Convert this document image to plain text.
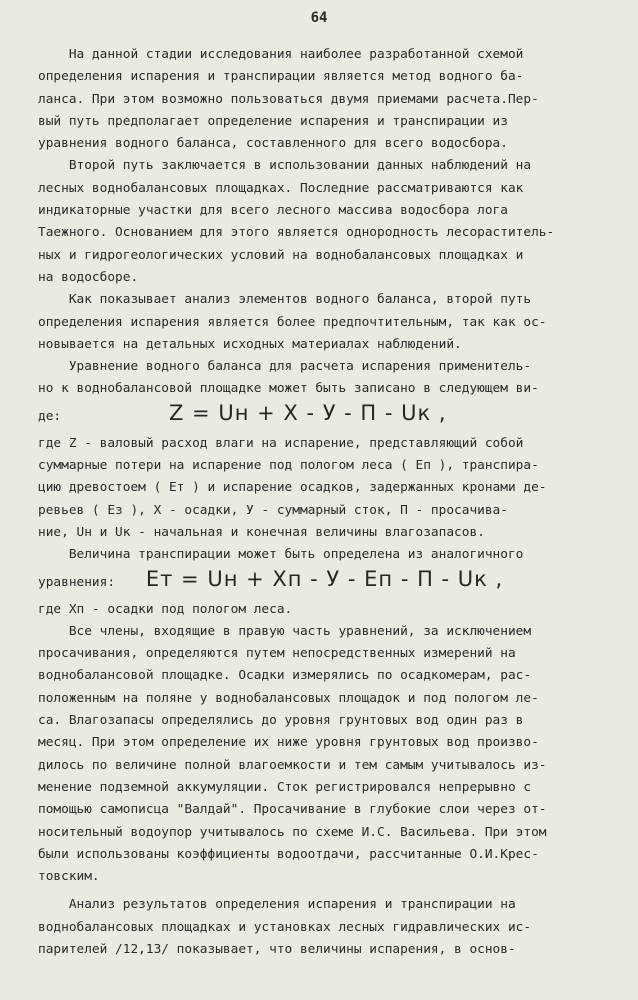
64
На данной стадии исследования наиболее разработанной схемой
определения испарения и транспирации является метод водного ба-
ланса. При этом возможно пользоваться двумя приемами расчета.Пер-
вый путь предполагает определение испарения и транспирации из
уравнения водного баланса, составленного для всего водосбора.
Второй путь заключается в использовании данных наблюдений на
лесных воднобалансовых площадках. Последние рассматриваются как
индикаторные участки для всего лесного массива водосбора лога
Таежного. Основанием для этого является однородность лесораститель-
ных и гидрогеологических условий на воднобалансовых площадках и
на водосборе.
Как показывает анализ элементов водного баланса, второй путь
определения испарения является более предпочтительным, так как ос-
новывается на детальных исходных материалах наблюдений.
Уравнение водного баланса для расчета испарения применитель-
но к воднобалансовой площадке может быть записано в следующем ви-
де:	Z = Uн + X - У - П - Uк ,
где Z - валовый расход влаги на испарение, представляющий собой
суммарные потери на испарение под пологом леса ( Еп ), транспира-
цию древостоем ( Ет ) и испарение осадков, задержанных кронами де-
ревьев ( Ез ), Х - осадки, У - суммарный сток, П - просачива-
ние, Uн и Uк - начальная и конечная величины влагозапасов.
Величина транспирации может быть определена из аналогичного
уравнения: Ет = Uн + Xп - У - Еп - П - Uк ,
где Хп - осадки под пологом леса.
Все члены, входящие в правую часть уравнений, за исключением
просачивания, определяются путем непосредственных измерений на
воднобалансовой площадке. Осадки измерялись по осадкомерам, рас-
положенным на поляне у воднобалансовых площадок и под пологом ле-
са. Влагозапасы определялись до уровня грунтовых вод один раз в
месяц. При этом определение их ниже уровня грунтовых вод произво-
дилось по величине полной влагоемкости и тем самым учитывалось из-
менение подземной аккумуляции. Сток регистрировался непрерывно с
помощью самописца "Валдай". Просачивание в глубокие слои через от-
носительный водоупор учитывалось по схеме И.С. Васильева. При этом
были использованы коэффициенты водоотдачи, рассчитанные О.И.Крес-
товским.
Анализ результатов определения испарения и транспирации на
воднобалансовых площадках и установках лесных гидравлических ис-
парителей /12,13/ показывает, что величины испарения, в основ-
